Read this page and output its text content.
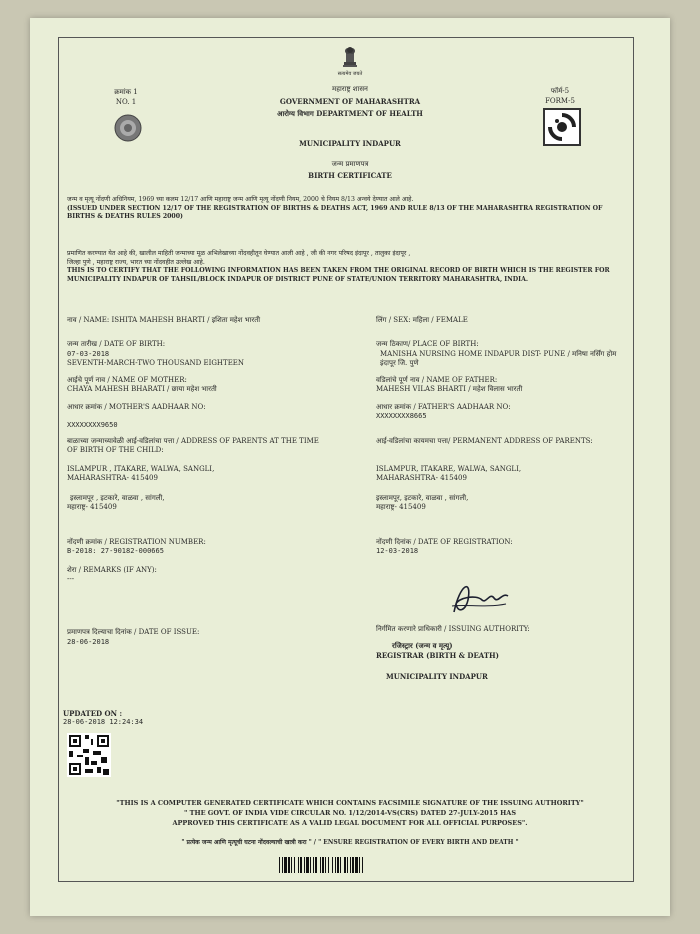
क्रमांक 1
NO. 1
सत्यमेव जयते
महाराष्ट्र शासन
GOVERNMENT OF MAHARASHTRA
आरोग्य विभाग DEPARTMENT OF HEALTH
फॉर्म-5
FORM-5
MUNICIPALITY INDAPUR
जन्म प्रमाणपत्र
BIRTH CERTIFICATE
जन्म व मृत्यू नोंदणी अधिनियम, 1969 च्या कलम 12/17 आणि महाराष्ट्र जन्म आणि मृत्यू नोंदणी नियम, 2000 चे नियम 8/13 अन्वये देण्यात आले आहे.
(ISSUED UNDER SECTION 12/17 OF THE REGISTRATION OF BIRTHS & DEATHS ACT, 1969 AND RULE 8/13 OF THE MAHARASHTRA REGISTRATION OF
BIRTHS & DEATHS RULES 2000)
प्रमाणित करण्यात येत आहे की, खालील माहिती जन्माच्या मूळ अभिलेखाच्या नोंदवहीतून घेण्यात आली आहे , जी की नगर परिषद इंदापूर , तालुका इंदापूर ,
जिल्हा पुणे , महाराष्ट्र राज्य, भारत च्या नोंदवहीत उल्लेख आहे.
THIS IS TO CERTIFY THAT THE FOLLOWING INFORMATION HAS BEEN TAKEN FROM THE ORIGINAL RECORD OF BIRTH WHICH IS THE REGISTER FOR
MUNICIPALITY INDAPUR OF TAHSIL/BLOCK INDAPUR OF DISTRICT PUNE OF STATE/UNION TERRITORY MAHARASHTRA, INDIA.
नाव / NAME: ISHITA MAHESH BHARTI / इशिता महेश भारती	लिंग / SEX: महिला / FEMALE
जन्म तारीख / DATE OF BIRTH:
07-03-2018
SEVENTH-MARCH-TWO THOUSAND EIGHTEEN
जन्म ठिकाण/ PLACE OF BIRTH:
MANISHA NURSING HOME INDAPUR DIST- PUNE / मनिषा नर्सिंग होम
इंदापूर जि. पुणे
आईचे पूर्ण नाव / NAME OF MOTHER:
CHAYA MAHESH BHARATI / छाया महेश भारती
वडिलांचे पूर्ण नाव / NAME OF FATHER:
MAHESH VILAS BHARTI / महेश विलास भारती
आधार क्रमांक / MOTHER'S AADHAAR NO:
XXXXXXXX9650
आधार क्रमांक / FATHER'S AADHAAR NO:
XXXXXXXX8665
बाळाच्या जन्माच्यावेळी आई-वडिलांचा पत्ता / ADDRESS OF PARENTS AT THE TIME
OF BIRTH OF THE CHILD:
आई-वडिलांचा कायमचा पत्ता/ PERMANENT ADDRESS OF PARENTS:
ISLAMPUR , ITAKARE, WALWA, SANGLI,
MAHARASHTRA- 415409
इस्लामपूर , इटकारे, वाळवा , सांगली,
महाराष्ट्र- 415409
ISLAMPUR, ITAKARE, WALWA, SANGLI,
MAHARASHTRA- 415409
इस्लामपूर, इटकारे, वाळवा , सांगली,
महाराष्ट्र- 415409
नोंदणी क्रमांक / REGISTRATION NUMBER:
B-2018: 27-90182-000665
नोंदणी दिनांक / DATE OF REGISTRATION:
12-03-2018
शेरा / REMARKS (IF ANY):
---
प्रमाणपत्र दिल्याचा दिनांक / DATE OF ISSUE:
28-06-2018
निर्गमित करणारे प्राधिकारी / ISSUING AUTHORITY:
रजिस्ट्रार (जन्म व मृत्यू)
REGISTRAR (BIRTH & DEATH)
MUNICIPALITY INDAPUR
UPDATED ON :
28-06-2018 12:24:34
"THIS IS A COMPUTER GENERATED CERTIFICATE WHICH CONTAINS FACSIMILE SIGNATURE OF THE ISSUING AUTHORITY"
" THE GOVT. OF INDIA VIDE CIRCULAR NO. 1/12/2014-VS(CRS) DATED 27-JULY-2015 HAS
APPROVED THIS CERTIFICATE AS A VALID LEGAL DOCUMENT FOR ALL OFFICIAL PURPOSES".
" प्रत्येक जन्म आणि मृत्यूची घटना नोंदवल्याची खात्री करा " / " ENSURE REGISTRATION OF EVERY BIRTH AND DEATH "
